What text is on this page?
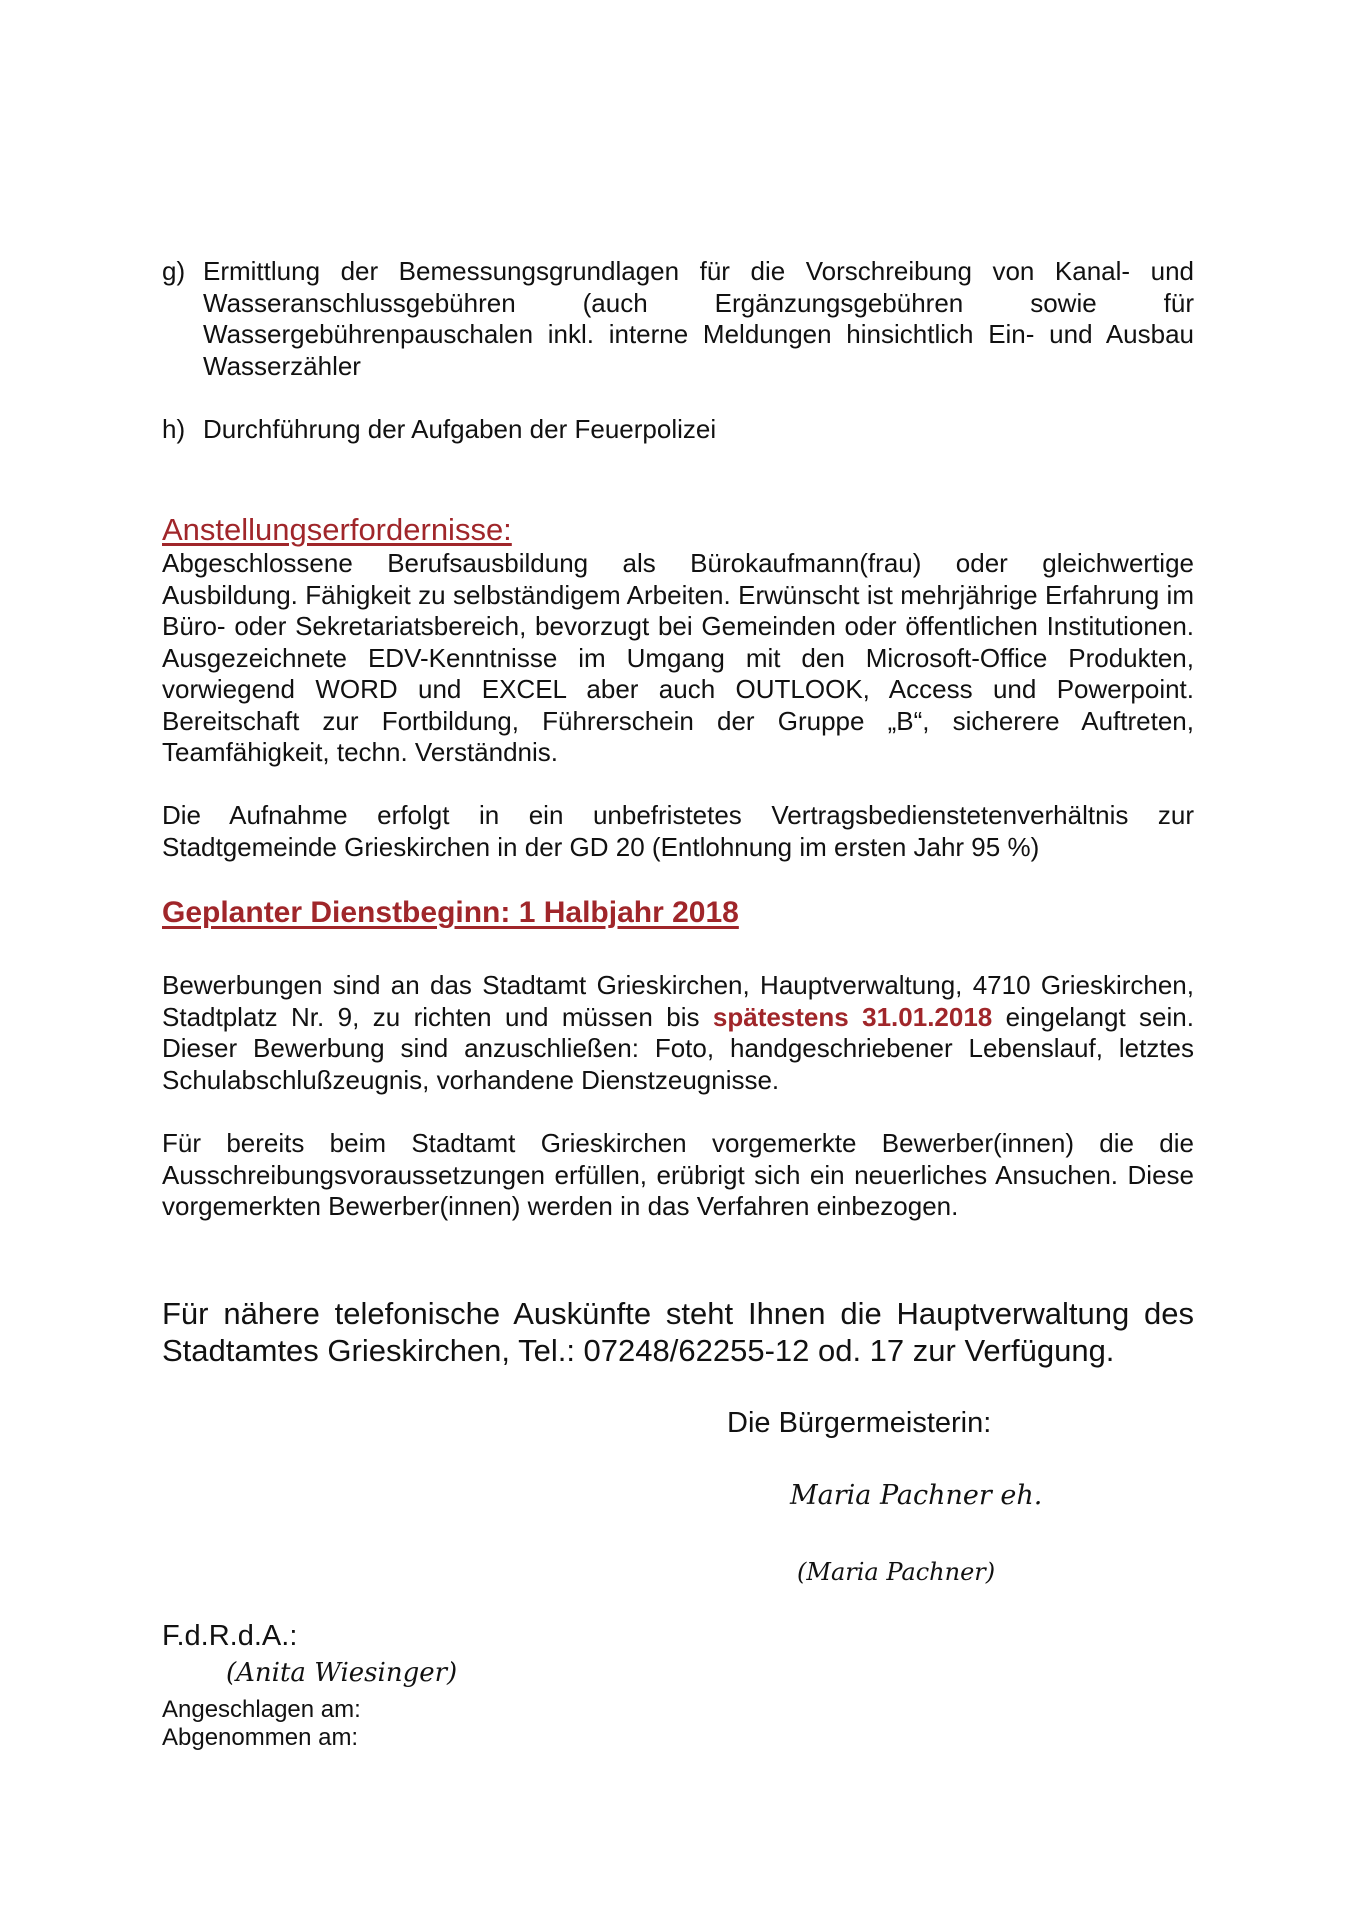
g) Ermittlung der Bemessungsgrundlagen für die Vorschreibung von Kanal- und Wasseranschlussgebühren (auch Ergänzungsgebühren sowie für Wassergebührenpauschalen inkl. interne Meldungen hinsichtlich Ein- und Ausbau Wasserzähler
h) Durchführung der Aufgaben der Feuerpolizei
Anstellungserfordernisse:
Abgeschlossene Berufsausbildung als Bürokaufmann(frau) oder gleichwertige Ausbildung. Fähigkeit zu selbständigem Arbeiten. Erwünscht ist mehrjährige Erfahrung im Büro- oder Sekretariatsbereich, bevorzugt bei Gemeinden oder öffentlichen Institutionen. Ausgezeichnete EDV-Kenntnisse im Umgang mit den Microsoft-Office Produkten, vorwiegend WORD und EXCEL aber auch OUTLOOK, Access und Powerpoint. Bereitschaft zur Fortbildung, Führerschein der Gruppe „B“, sicherere Auftreten, Teamfähigkeit, techn. Verständnis.
Die Aufnahme erfolgt in ein unbefristetes Vertragsbedienstetenverhältnis zur Stadtgemeinde Grieskirchen in der GD 20 (Entlohnung im ersten Jahr 95 %)
Geplanter Dienstbeginn: 1 Halbjahr 2018
Bewerbungen sind an das Stadtamt Grieskirchen, Hauptverwaltung, 4710 Grieskirchen, Stadtplatz Nr. 9, zu richten und müssen bis spätestens 31.01.2018 eingelangt sein. Dieser Bewerbung sind anzuschließen: Foto, handgeschriebener Lebenslauf, letztes Schulabschlußzeugnis, vorhandene Dienstzeugnisse.
Für bereits beim Stadtamt Grieskirchen vorgemerkte Bewerber(innen) die die Ausschreibungsvoraussetzungen erfüllen, erübrigt sich ein neuerliches Ansuchen. Diese vorgemerkten Bewerber(innen) werden in das Verfahren einbezogen.
Für nähere telefonische Auskünfte steht Ihnen die Hauptverwaltung des Stadtamtes Grieskirchen, Tel.: 07248/62255-12 od. 17 zur Verfügung.
Die Bürgermeisterin:
Maria Pachner eh.
(Maria Pachner)
F.d.R.d.A.:
(Anita Wiesinger)
Angeschlagen am:
Abgenommen am:
